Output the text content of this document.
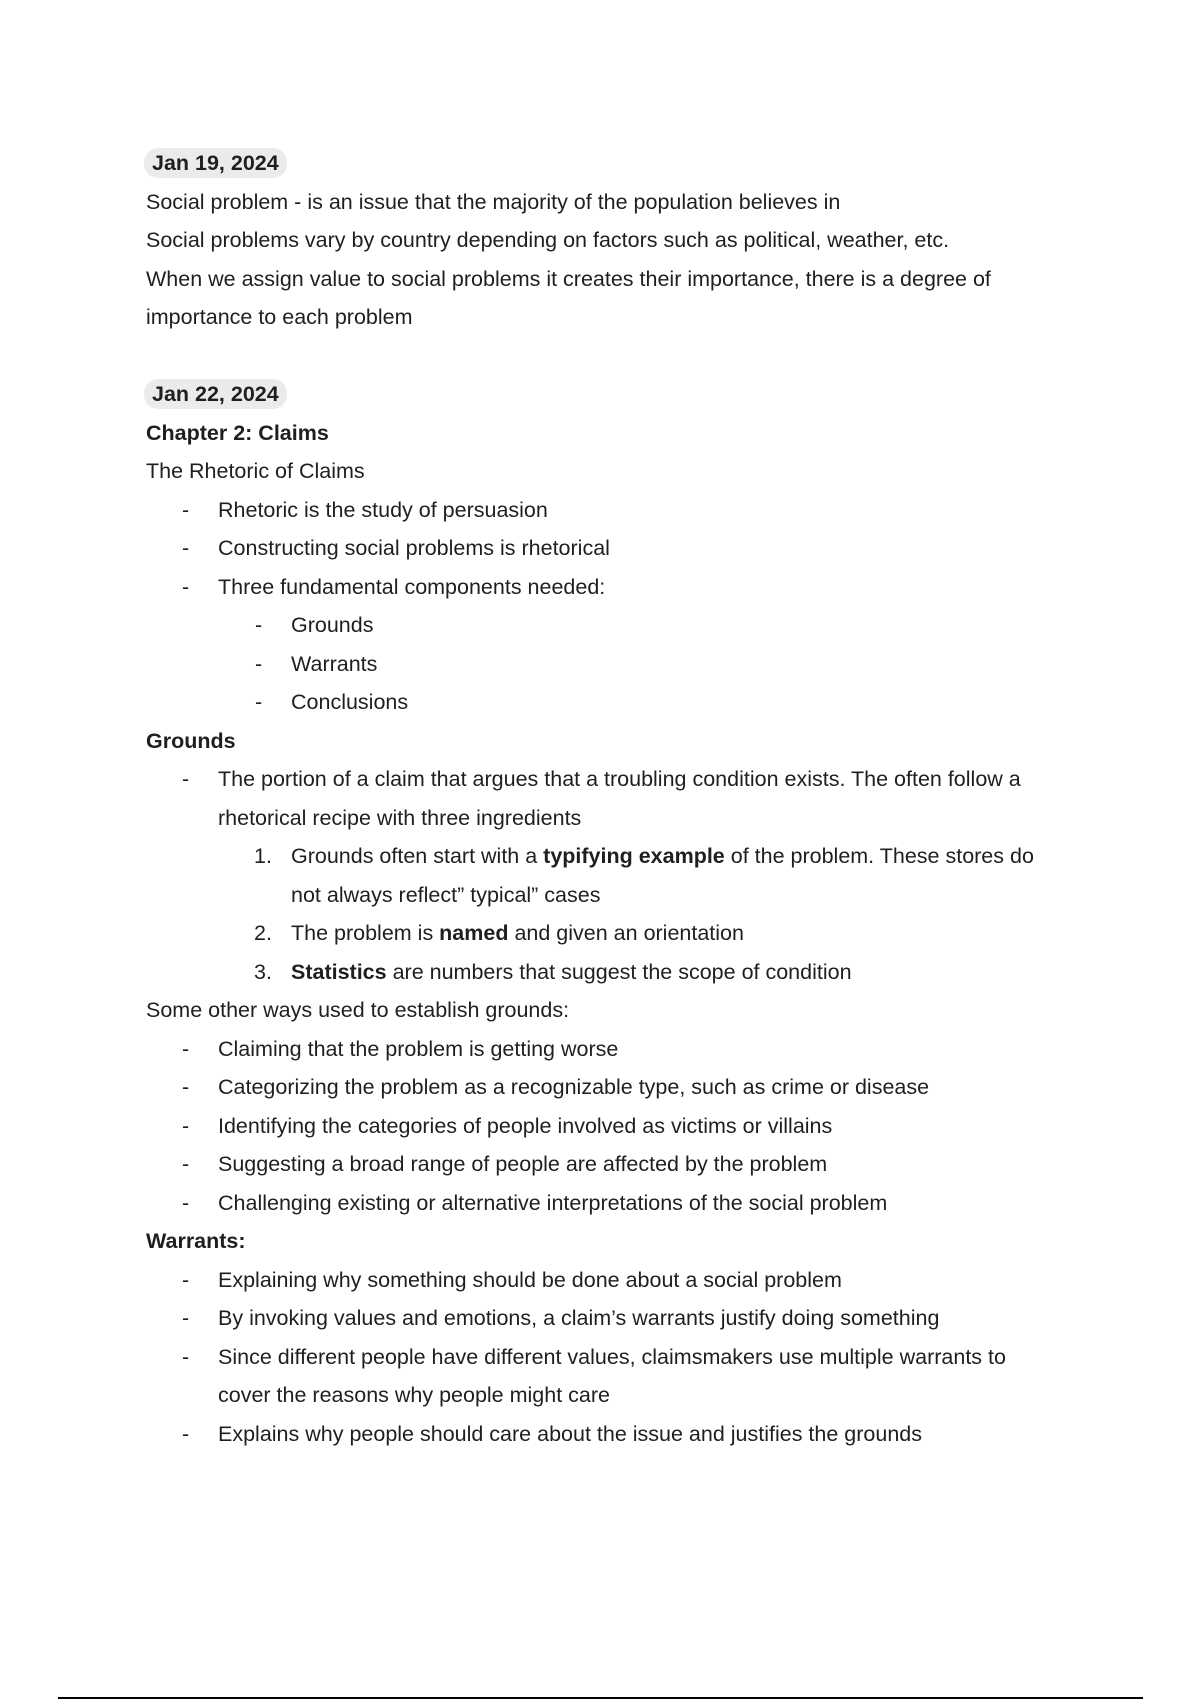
Jan 19, 2024
Social problem - is an issue that the majority of the population believes in
Social problems vary by country depending on factors such as political, weather, etc.
When we assign value to social problems it creates their importance, there is a degree of
importance to each problem
Jan 22, 2024
Chapter 2: Claims
The Rhetoric of Claims
- Rhetoric is the study of persuasion
- Constructing social problems is rhetorical
- Three fundamental components needed:
- Grounds
- Warrants
- Conclusions
Grounds
- The portion of a claim that argues that a troubling condition exists. The often follow a
rhetorical recipe with three ingredients
1. Grounds often start with a typifying example of the problem. These stores do
not always reflect” typical” cases
2. The problem is named and given an orientation
3. Statistics are numbers that suggest the scope of condition
Some other ways used to establish grounds:
- Claiming that the problem is getting worse
- Categorizing the problem as a recognizable type, such as crime or disease
- Identifying the categories of people involved as victims or villains
- Suggesting a broad range of people are affected by the problem
- Challenging existing or alternative interpretations of the social problem
Warrants:
- Explaining why something should be done about a social problem
- By invoking values and emotions, a claim’s warrants justify doing something
- Since different people have different values, claimsmakers use multiple warrants to
cover the reasons why people might care
- Explains why people should care about the issue and justifies the grounds
